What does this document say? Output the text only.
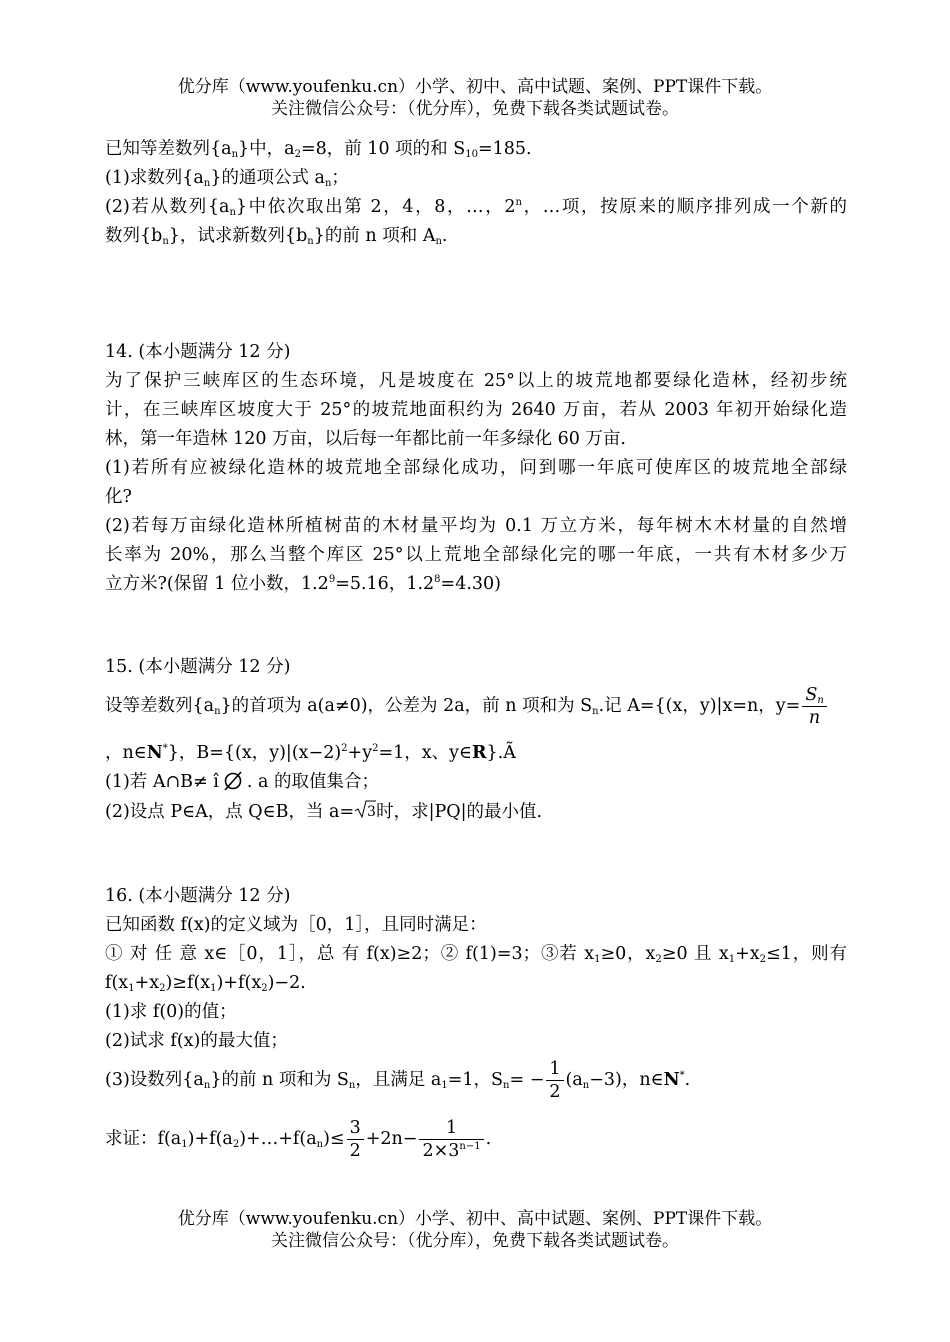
优分库（www.youfenku.cn）小学、初中、高中试题、案例、PPT课件下载。
关注微信公众号：（优分库），免费下载各类试题试卷。
已知等差数列$\{a_n\}$中，$a_2=8$，前 10 项的和 $S_{10}=185$.
(1)求数列$\{a_n\}$的通项公式 $a_n$；
(2)若从数列$\{a_n\}$中依次取出第 2，4，8，…，2$^n$，…项，按原来的顺序排列成一个新的
数列$\{b_n\}$，试求新数列$\{b_n\}$的前 n 项和 $A_n$.
14. (本小题满分 12 分)
为了保护三峡库区的生态环境，凡是坡度在 25°以上的坡荒地都要绿化造林，经初步统
计，在三峡库区坡度大于 25°的坡荒地面积约为 2640 万亩，若从 2003 年初开始绿化造
林，第一年造林 120 万亩，以后每一年都比前一年多绿化 60 万亩.
(1)若所有应被绿化造林的坡荒地全部绿化成功，问到哪一年底可使库区的坡荒地全部绿
化?
(2)若每万亩绿化造林所植树苗的木材量平均为 0.1 万立方米，每年树木木材量的自然增
长率为 20%，那么当整个库区 25°以上荒地全部绿化完的哪一年底，一共有木材多少万
立方米?(保留 1 位小数，$1.2^9=5.16$，$1.2^8=4.30$)
15. (本小题满分 12 分)
设等差数列$\{a_n\}$的首项为 a(a≠0)，公差为 2a，前 n 项和为 $S_n$.记 A={(x，y)|x=n，$y= \frac{S_n}{n}$
，n∈N*}，B={(x，$y)|(x-2)^2+y^2=1$，x、y∈R}.Ã
(1)若 A∩B≠ î . a 的取值集合；
(2)设点 P∈A，点 Q∈B，当 a= 3 时，求|PQ|的最小值.
16. (本小题满分 12 分)
已知函数 f(x)的定义域为［0，1］，且同时满足：
① 对 任 意 x∈［0，1］，总 有 f(x)≥2；② f(1)=3；③若 $x_1\ge 0$，$x_2\ge 0$ 且 $x_1+x_2\le 1$，则有
$f(x_1+x_2)\ge f(x_1)+f(x_2)-2$.
(1)求 f(0)的值；
(2)试求 f(x)的最大值；
(3)设数列$\{a_n\}$的前 n 项和为 $S_n$，且满足 $a_1=1$，$S_n= - \frac{1}{2} (a_n-3)$，n∈N*.
求证：$f(a_1)+f(a_2)+\dots+f(a_n)\le \frac{3}{2} +2n- \frac{1}{2\times 3^{n-1}}$ .
优分库（www.youfenku.cn）小学、初中、高中试题、案例、PPT课件下载。
关注微信公众号：（优分库），免费下载各类试题试卷。
